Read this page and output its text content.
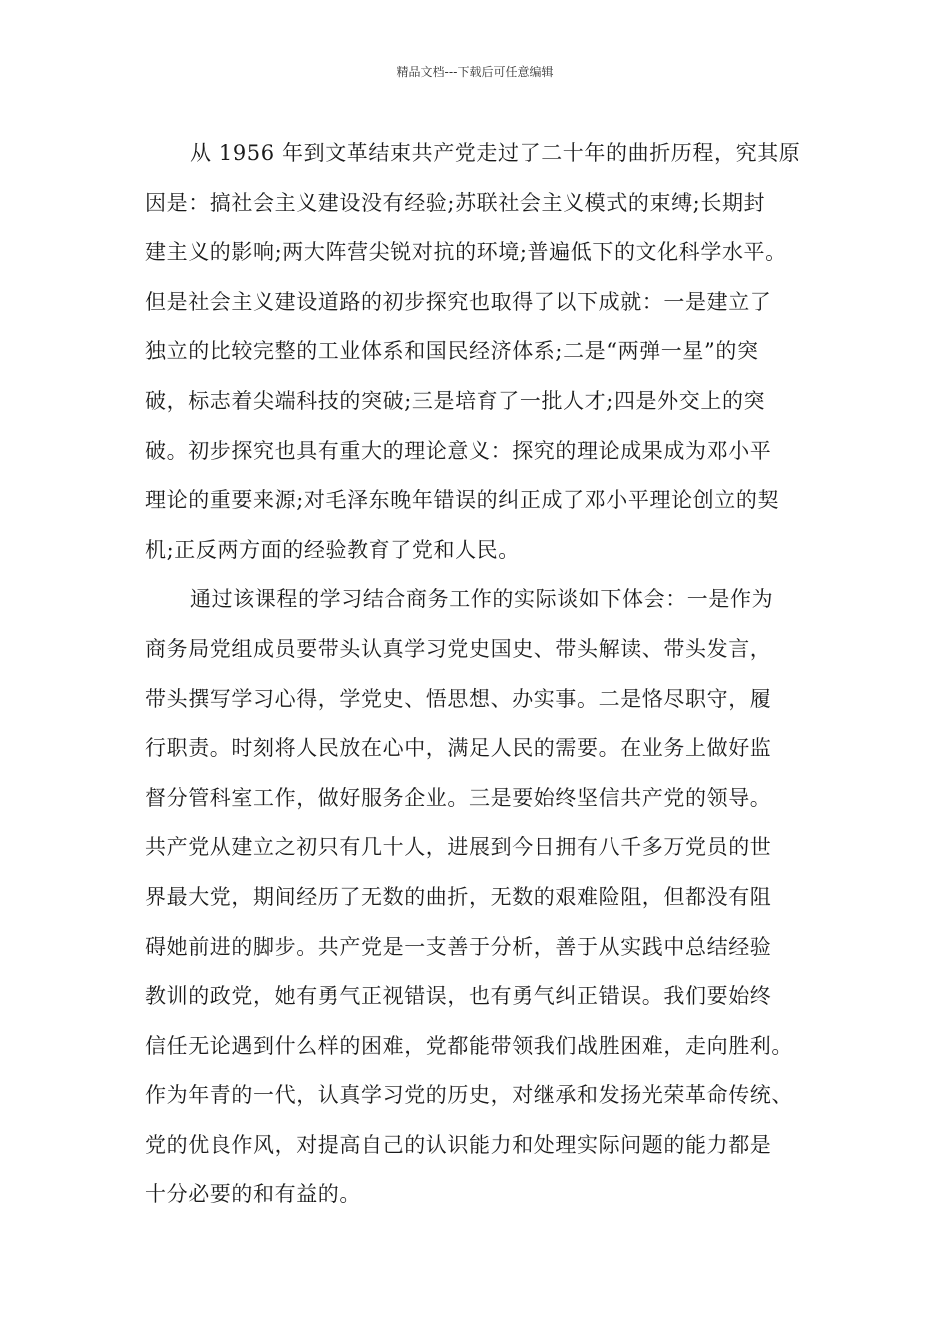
精品文档---下载后可任意编辑
从 1956 年到文革结束共产党走过了二十年的曲折历程，究其原
因是：搞社会主义建设没有经验;苏联社会主义模式的束缚;长期封
建主义的影响;两大阵营尖锐对抗的环境;普遍低下的文化科学水平。
但是社会主义建设道路的初步探究也取得了以下成就：一是建立了
独立的比较完整的工业体系和国民经济体系;二是“两弹一星”的突
破，标志着尖端科技的突破;三是培育了一批人才;四是外交上的突
破。初步探究也具有重大的理论意义：探究的理论成果成为邓小平
理论的重要来源;对毛泽东晚年错误的纠正成了邓小平理论创立的契
机;正反两方面的经验教育了党和人民。
通过该课程的学习结合商务工作的实际谈如下体会：一是作为
商务局党组成员要带头认真学习党史国史、带头解读、带头发言，
带头撰写学习心得，学党史、悟思想、办实事。二是恪尽职守，履
行职责。时刻将人民放在心中，满足人民的需要。在业务上做好监
督分管科室工作，做好服务企业。三是要始终坚信共产党的领导。
共产党从建立之初只有几十人，进展到今日拥有八千多万党员的世
界最大党，期间经历了无数的曲折，无数的艰难险阻，但都没有阻
碍她前进的脚步。共产党是一支善于分析，善于从实践中总结经验
教训的政党，她有勇气正视错误，也有勇气纠正错误。我们要始终
信任无论遇到什么样的困难，党都能带领我们战胜困难，走向胜利。
作为年青的一代，认真学习党的历史，对继承和发扬光荣革命传统、
党的优良作风，对提高自己的认识能力和处理实际问题的能力都是
十分必要的和有益的。
